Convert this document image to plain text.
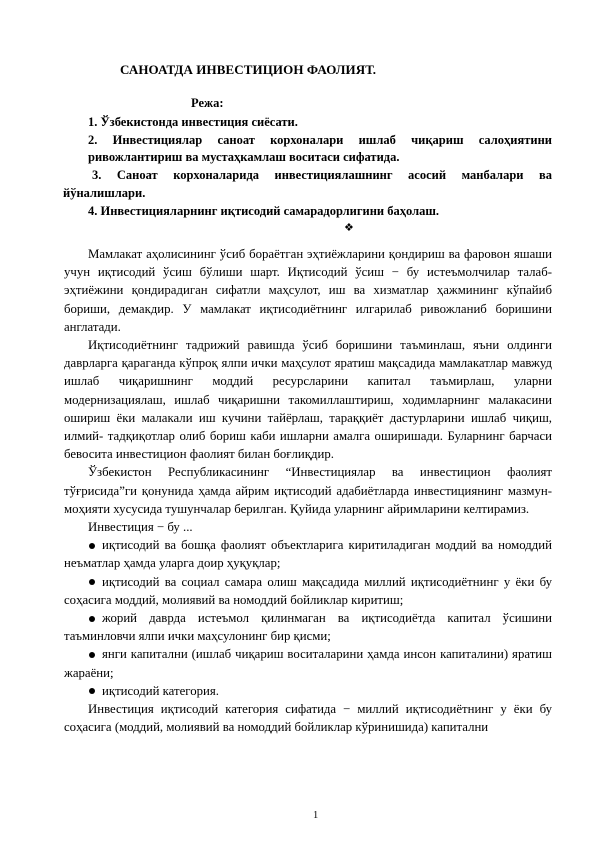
САНОАТДА ИНВЕСТИЦИОН ФАОЛИЯТ.
Режа:

1. Ўзбекистонда инвестиция сиёсати.

2. Инвестициялар саноат корхоналари ишлаб чиқариш салоҳиятини ривожлантириш ва мустаҳкамлаш воситаси сифатида.

3. Саноат корхоналарида инвестициялашнинг асосий манбалари ва йўналишлари.

4. Инвестицияларнинг иқтисодий самарадорлигини баҳолаш.

❖

Мамлакат аҳолисининг ўсиб бораётган эҳтиёжларини қондириш ва фаровон яшаши учун иқтисодий ўсиш бўлиши шарт. Иқтисодий ўсиш − бу истеъмолчилар талаб-эҳтиёжини қондирадиган сифатли маҳсулот, иш ва хизматлар ҳажмининг кўпайиб бориши, демакдир. У мамлакат иқтисодиётнинг илгарилаб ривожланиб боришини англатади.

Иқтисодиётнинг тадрижий равишда ўсиб боришини таъминлаш, яъни олдинги даврларга қараганда кўпроқ ялпи ички маҳсулот яратиш мақсадида мамлакатлар мавжуд ишлаб чиқаришнинг моддий ресурсларини капитал таъмирлаш, уларни модернизациялаш, ишлаб чиқаришни такомиллаштириш, ходимларнинг малакасини ошириш ёки малакали иш кучини тайёрлаш, тараққиёт дастурларини ишлаб чиқиш, илмий- тадқиқотлар олиб бориш каби ишларни амалга оширишади. Буларнинг барчаси бевосита инвестицион фаолият билан боғлиқдир.

Ўзбекистон Республикасининг “Инвестициялар ва инвестицион фаолият тўғрисида”ги қонунида ҳамда айрим иқтисодий адабиётларда инвестициянинг мазмун-моҳияти хусусида тушунчалар берилган. Қуйида уларнинг айримларини келтирамиз.

Инвестиция − бу ...

иқтисодий ва бошқа фаолият объектларига киритиладиган моддий ва номоддий неъматлар ҳамда уларга доир ҳуқуқлар;

иқтисодий ва социал самара олиш мақсадида миллий иқтисодиётнинг у ёки бу соҳасига моддий, молиявий ва номоддий бойликлар киритиш;

жорий даврда истеъмол қилинмаган ва иқтисодиётда капитал ўсишини таъминловчи ялпи ички маҳсулонинг бир қисми;

янги капитални (ишлаб чиқариш воситаларини ҳамда инсон капиталини) яратиш жараёни;

иқтисодий категория.

Инвестиция иқтисодий категория сифатида − миллий иқтисодиётнинг у ёки бу соҳасига (моддий, молиявий ва номоддий бойликлар кўринишида) капитални

1
